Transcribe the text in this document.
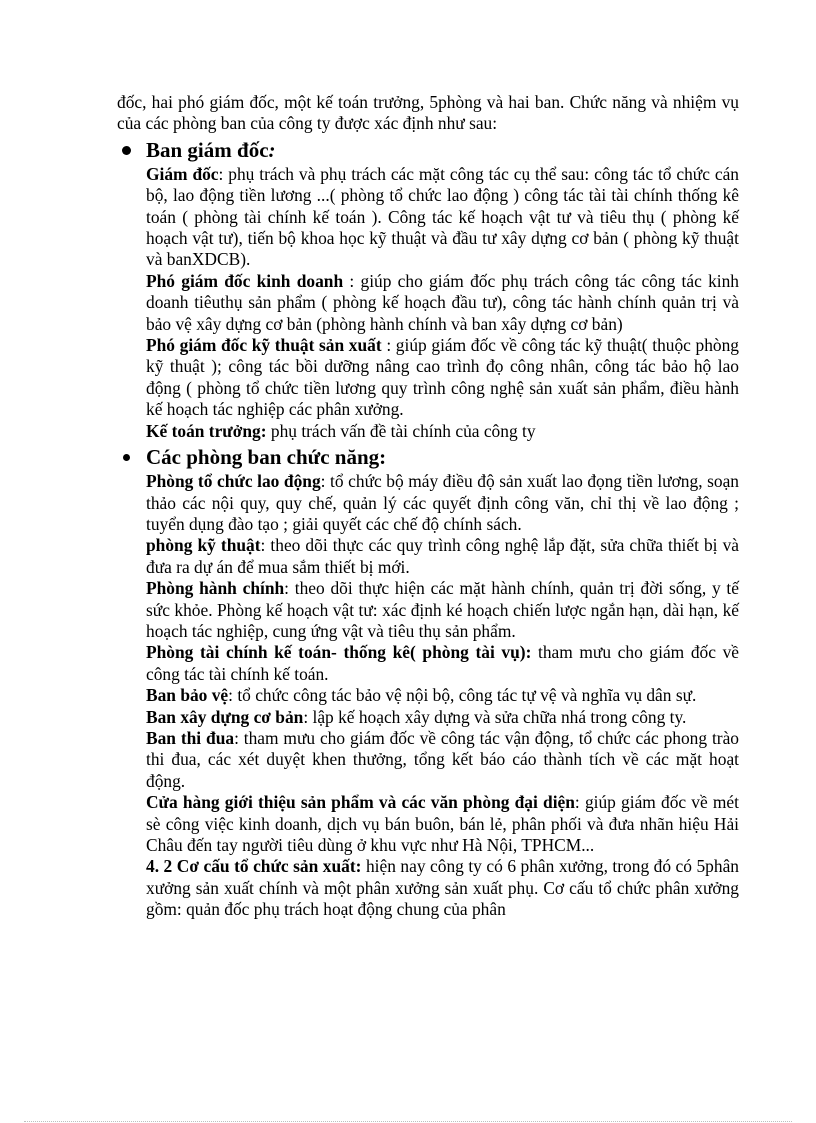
đốc, hai phó giám đốc, một kế toán trưởng, 5phòng và hai ban. Chức năng và nhiệm vụ của các phòng ban của công ty được xác định như sau:

Ban giám đốc:

Giám đốc: phụ trách và phụ trách các mặt công tác cụ thể sau: công tác tổ chức cán bộ, lao động tiền lương ...( phòng tổ chức lao động ) công tác tài tài chính thống kê toán ( phòng tài chính kế toán ). Công tác kế hoạch vật tư và tiêu thụ ( phòng kế hoạch vật tư), tiến bộ khoa học kỹ thuật và đầu tư xây dựng cơ bản ( phòng kỹ thuật và banXDCB).

Phó giám đốc kinh doanh : giúp cho giám đốc phụ trách công tác công tác kinh doanh tiêuthụ sản phẩm ( phòng kế hoạch đầu tư), công tác hành chính quản trị và bảo vệ xây dựng cơ bản (phòng hành chính và ban xây dựng cơ bản)

Phó giám đốc kỹ thuật sản xuất : giúp giám đốc về công tác kỹ thuật( thuộc phòng kỹ thuật ); công tác bồi dưỡng nâng cao trình đọ công nhân, công tác bảo hộ lao động ( phòng tổ chức tiền lương quy trình công nghệ sản xuất sản phẩm, điều hành kế hoạch tác nghiệp các phân xưởng.

Kế toán trưởng: phụ trách vấn đề tài chính của công ty

Các phòng ban chức năng:

Phòng tổ chức lao động: tổ chức bộ máy điều độ sản xuất lao đọng tiền lương, soạn thảo các nội quy, quy chế, quản lý các quyết định công văn, chỉ thị về lao động ; tuyển dụng đào tạo ; giải quyết các chế độ chính sách.

phòng kỹ thuật: theo dõi thực các quy trình công nghệ lắp đặt, sửa chữa thiết bị và đưa ra dự án để mua sắm thiết bị mới.

Phòng hành chính: theo dõi thực hiện các mặt hành chính, quản trị đời sống, y tế sức khỏe. Phòng kế hoạch vật tư: xác định ké hoạch chiến lược ngắn hạn, dài hạn, kế hoạch tác nghiệp, cung ứng vật và tiêu thụ sản phẩm.

Phòng tài chính kế toán- thống kê( phòng tài vụ): tham mưu cho giám đốc về công tác tài chính kế toán.

Ban bảo vệ: tổ chức công tác bảo vệ nội bộ, công tác tự vệ và nghĩa vụ dân sự.

Ban xây dựng cơ bản: lập kế hoạch xây dựng và sửa chữa nhá trong công ty.

Ban thi đua: tham mưu cho giám đốc về công tác vận động, tổ chức các phong trào thi đua, các xét duyệt khen thưởng, tổng kết báo cáo thành tích về các mặt hoạt động.

Cửa hàng giới thiệu sản phẩm và các văn phòng đại diện: giúp giám đốc về mét sè công việc kinh doanh, dịch vụ bán buôn, bán lẻ, phân phối và đưa nhãn hiệu Hải Châu đến tay người tiêu dùng ở khu vực như Hà Nội, TPHCM...

4. 2 Cơ cấu tổ chức sản xuất: hiện nay công ty có 6 phân xưởng, trong đó có 5phân xưởng sản xuất chính và một phân xưởng sản xuất phụ. Cơ cấu tổ chức phân xưởng gồm: quản đốc phụ trách hoạt động chung của phân
